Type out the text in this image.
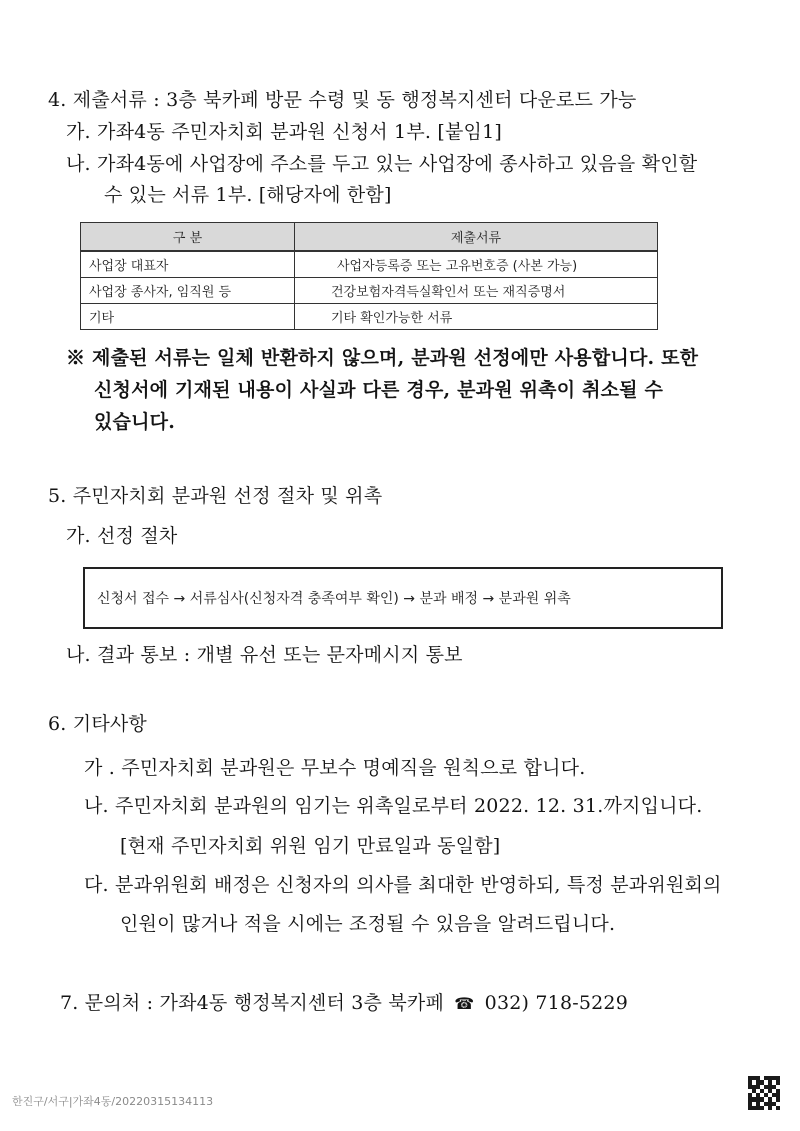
4. 제출서류 : 3층 북카페 방문 수령 및 동 행정복지센터 다운로드 가능
가. 가좌4동 주민자치회 분과원 신청서 1부. [붙임1]
나. 가좌4동에 사업장에 주소를 두고 있는 사업장에 종사하고 있음을 확인할
수 있는 서류 1부. [해당자에 한함]
구 분	제출서류
사업장 대표자	사업자등록증 또는 고유번호증 (사본 가능)
사업장 종사자, 임직원 등	건강보험자격득실확인서 또는 재직증명서
기타	기타 확인가능한 서류
※ 제출된 서류는 일체 반환하지 않으며, 분과원 선정에만 사용합니다. 또한
신청서에 기재된 내용이 사실과 다른 경우, 분과원 위촉이 취소될 수
있습니다.
5. 주민자치회 분과원 선정 절차 및 위촉
가. 선정 절차
신청서 접수 → 서류심사(신청자격 충족여부 확인) → 분과 배정 → 분과원 위촉
나. 결과 통보 : 개별 유선 또는 문자메시지 통보
6. 기타사항
가 . 주민자치회 분과원은 무보수 명예직을 원칙으로 합니다.
나. 주민자치회 분과원의 임기는 위촉일로부터 2022. 12. 31.까지입니다.
[현재 주민자치회 위원 임기 만료일과 동일함]
다. 분과위원회 배정은 신청자의 의사를 최대한 반영하되, 특정 분과위원회의
인원이 많거나 적을 시에는 조정될 수 있음을 알려드립니다.
7. 문의처 : 가좌4동 행정복지센터 3층 북카페 ☎ 032) 718-5229
한진구/서구|가좌4동/20220315134113
